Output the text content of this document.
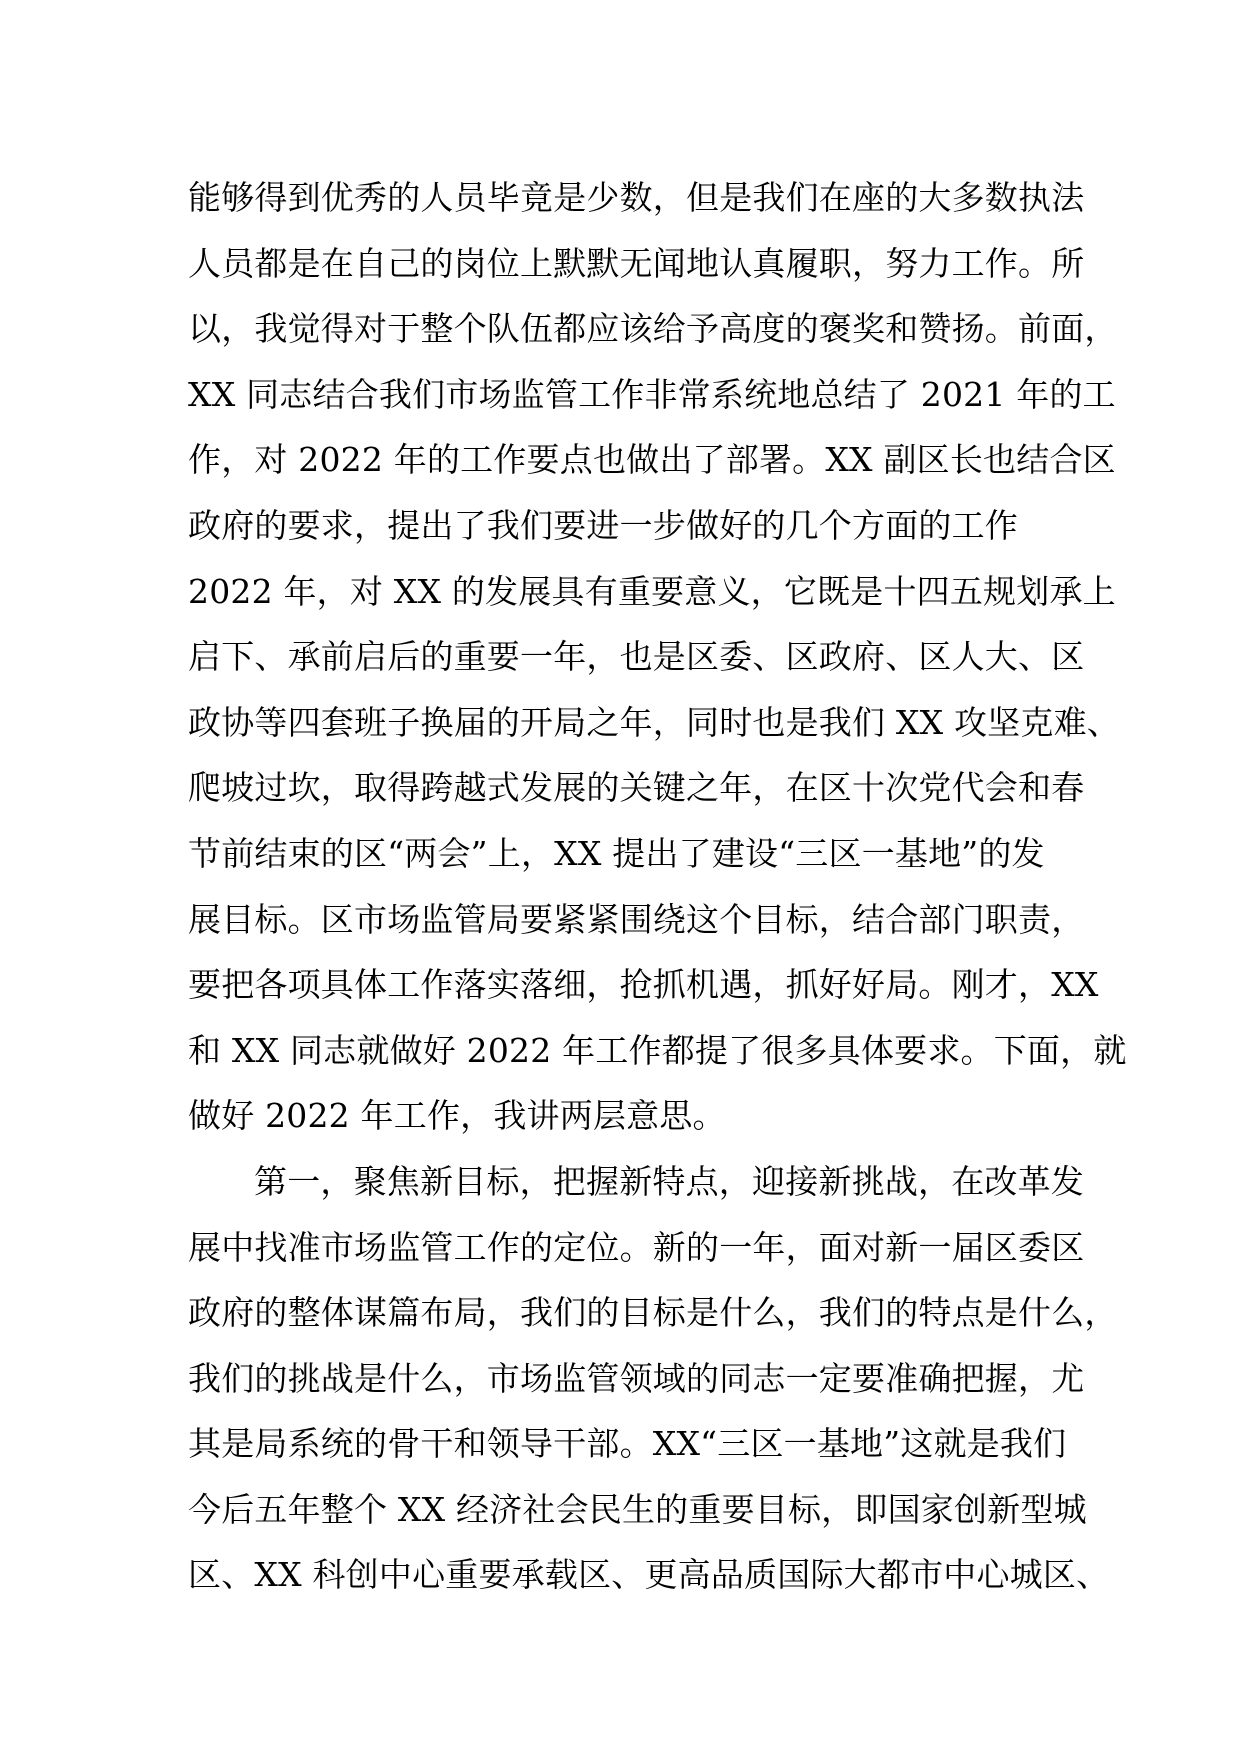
能够得到优秀的人员毕竟是少数，但是我们在座的大多数执法
人员都是在自己的岗位上默默无闻地认真履职，努力工作。所
以，我觉得对于整个队伍都应该给予高度的褒奖和赞扬。前面，
XX 同志结合我们市场监管工作非常系统地总结了 2021 年的工
作，对 2022 年的工作要点也做出了部署。XX 副区长也结合区
政府的要求，提出了我们要进一步做好的几个方面的工作
2022 年，对 XX 的发展具有重要意义，它既是十四五规划承上
启下、承前启后的重要一年，也是区委、区政府、区人大、区
政协等四套班子换届的开局之年，同时也是我们 XX 攻坚克难、
爬坡过坎，取得跨越式发展的关键之年，在区十次党代会和春
节前结束的区“两会”上，XX 提出了建设“三区一基地”的发
展目标。区市场监管局要紧紧围绕这个目标，结合部门职责，
要把各项具体工作落实落细，抢抓机遇，抓好好局。刚才，XX
和 XX 同志就做好 2022 年工作都提了很多具体要求。下面，就
做好 2022 年工作，我讲两层意思。
第一，聚焦新目标，把握新特点，迎接新挑战，在改革发
展中找准市场监管工作的定位。新的一年，面对新一届区委区
政府的整体谋篇布局，我们的目标是什么，我们的特点是什么，
我们的挑战是什么，市场监管领域的同志一定要准确把握，尤
其是局系统的骨干和领导干部。XX“三区一基地”这就是我们
今后五年整个 XX 经济社会民生的重要目标，即国家创新型城
区、XX 科创中心重要承载区、更高品质国际大都市中心城区、
